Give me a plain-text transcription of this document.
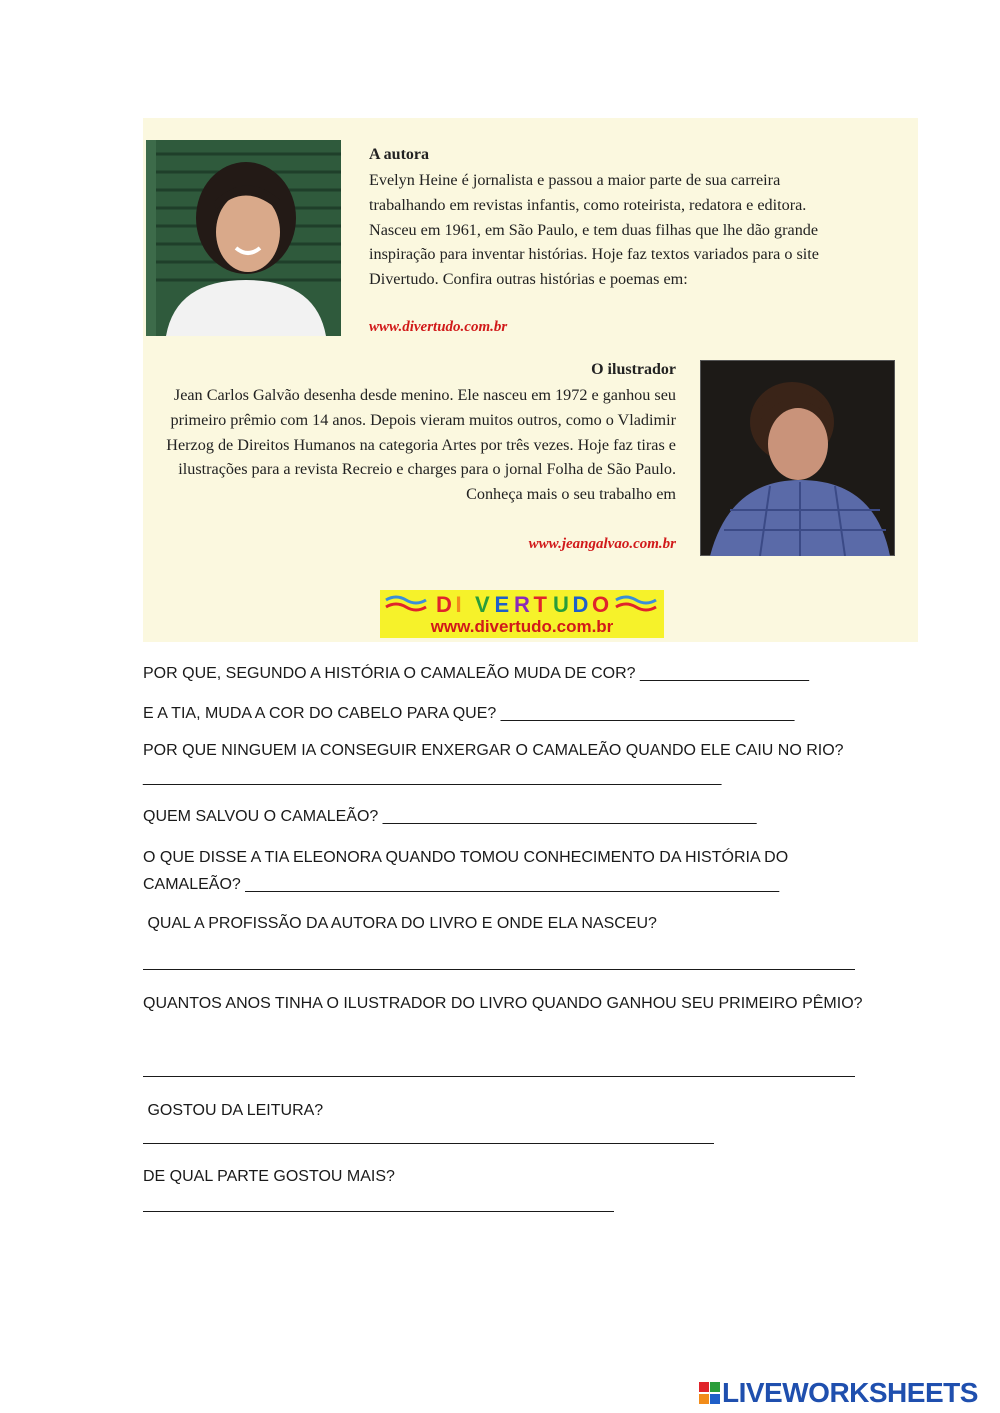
A autora
Evelyn Heine é jornalista e passou a maior parte de sua carreira trabalhando em revistas infantis, como roteirista, redatora e editora. Nasceu em 1961, em São Paulo, e tem duas filhas que lhe dão grande inspiração para inventar histórias. Hoje faz textos variados para o site Divertudo. Confira outras histórias e poemas em:
www.divertudo.com.br
O ilustrador
Jean Carlos Galvão desenha desde menino. Ele nasceu em 1972 e ganhou seu primeiro prêmio com 14 anos. Depois vieram muitos outros, como o Vladimir Herzog de Direitos Humanos na categoria Artes por três vezes. Hoje faz tiras e ilustrações para a revista Recreio e charges para o jornal Folha de São Paulo. Conheça mais o seu trabalho em
www.jeangalvao.com.br
D I V E R T U D O
www.divertudo.com.br

POR QUE, SEGUNDO A HISTÓRIA O CAMALEÃO MUDA DE COR? ___________________

E A TIA, MUDA A COR DO CABELO PARA QUE? _________________________________

POR QUE NINGUEM IA CONSEGUIR ENXERGAR O CAMALEÃO QUANDO ELE CAIU NO RIO? _________________________________________________________________

QUEM SALVOU O CAMALEÃO? __________________________________________

O QUE DISSE A TIA ELEONORA QUANDO TOMOU CONHECIMENTO DA HISTÓRIA DO CAMALEÃO? ____________________________________________________________

QUAL A PROFISSÃO DA AUTORA DO LIVRO E ONDE ELA NASCEU?

QUANTOS ANOS TINHA O ILUSTRADOR DO LIVRO QUANDO GANHOU SEU PRIMEIRO PÊMIO?

GOSTOU DA LEITURA?

DE QUAL PARTE GOSTOU MAIS?

LIVEWORKSHEETS
